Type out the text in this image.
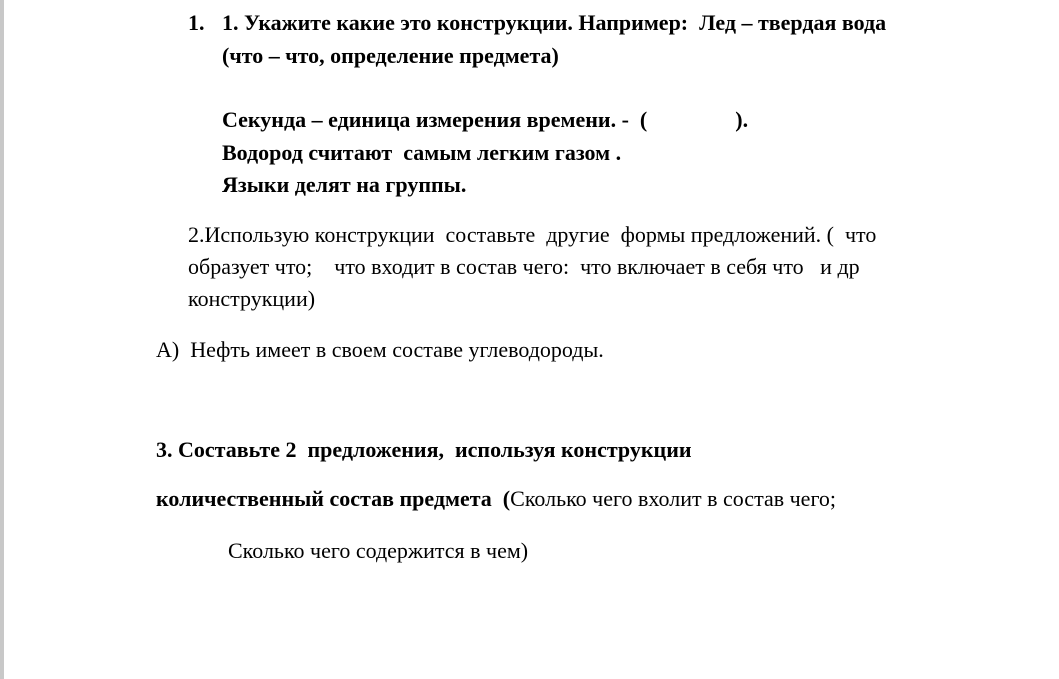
1. 1. Укажите какие это конструкции. Например:  Лед – твердая вода
(что – что, определение предмета)
Секунда – единица измерения времени. -  (                ).
Водород считают  самым легким газом .
Языки делят на группы.
2.Использую конструкции  составьте  другие  формы предложений. (  что
образует что;    что входит в состав чего:  что включает в себя что   и др
конструкции)
А)  Нефть имеет в своем составе углеводороды.
3. Составьте 2  предложения,  используя конструкции
количественный состав предмета  (Сколько чего вхолит в состав чего;
Сколько чего содержится в чем)
